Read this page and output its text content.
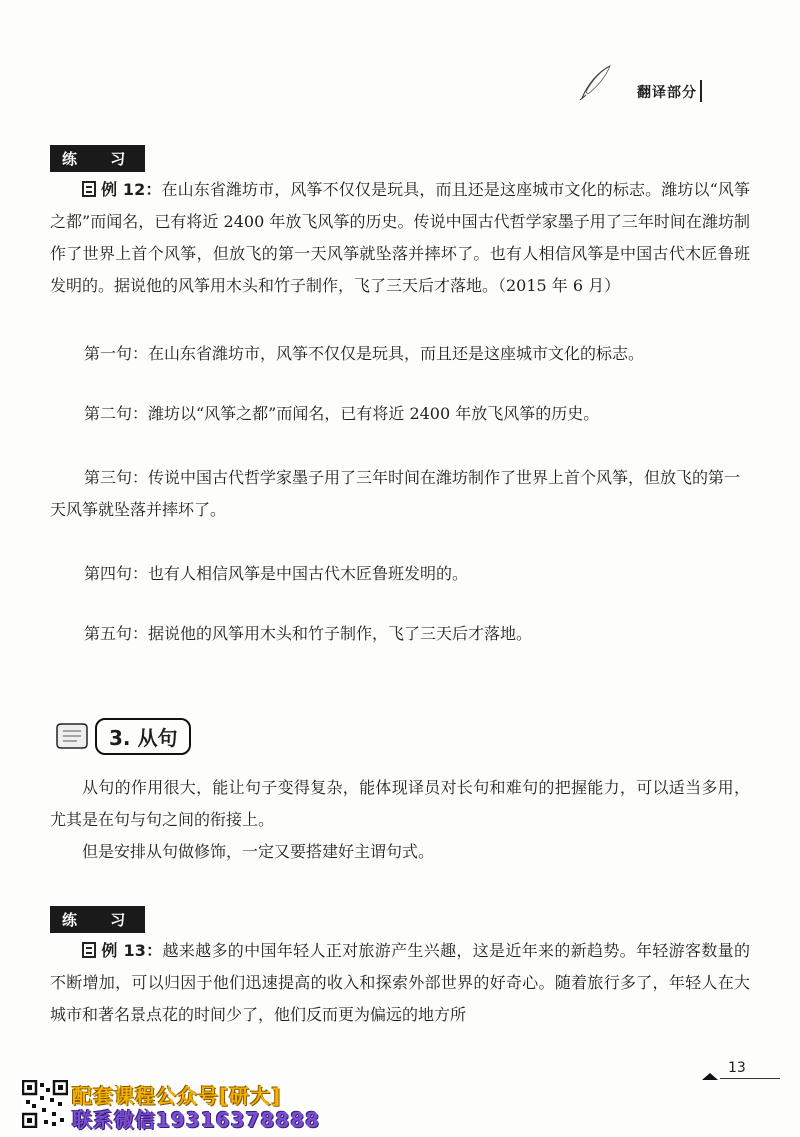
翻译部分
练 习

例 12：在山东省潍坊市，风筝不仅仅是玩具，而且还是这座城市文化的标志。潍坊以“风筝之都”而闻名，已有将近 2400 年放飞风筝的历史。传说中国古代哲学家墨子用了三年时间在潍坊制作了世界上首个风筝，但放飞的第一天风筝就坠落并摔坏了。也有人相信风筝是中国古代木匠鲁班发明的。据说他的风筝用木头和竹子制作，飞了三天后才落地。（2015 年 6 月）

第一句：在山东省潍坊市，风筝不仅仅是玩具，而且还是这座城市文化的标志。
第二句：潍坊以“风筝之都”而闻名，已有将近 2400 年放飞风筝的历史。
第三句：传说中国古代哲学家墨子用了三年时间在潍坊制作了世界上首个风筝，但放飞的第一天风筝就坠落并摔坏了。
第四句：也有人相信风筝是中国古代木匠鲁班发明的。
第五句：据说他的风筝用木头和竹子制作，飞了三天后才落地。
3. 从句

从句的作用很大，能让句子变得复杂，能体现译员对长句和难句的把握能力，可以适当多用，尤其是在句与句之间的衔接上。

但是安排从句做修饰，一定又要搭建好主谓句式。

练 习

例 13：越来越多的中国年轻人正对旅游产生兴趣，这是近年来的新趋势。年轻游客数量的不断增加，可以归因于他们迅速提高的收入和探索外部世界的好奇心。随着旅行多了，年轻人在大城市和著名景点花的时间少了，他们反而更为偏远的地方所

13
配套课程公众号[研大]
联系微信19316378888
